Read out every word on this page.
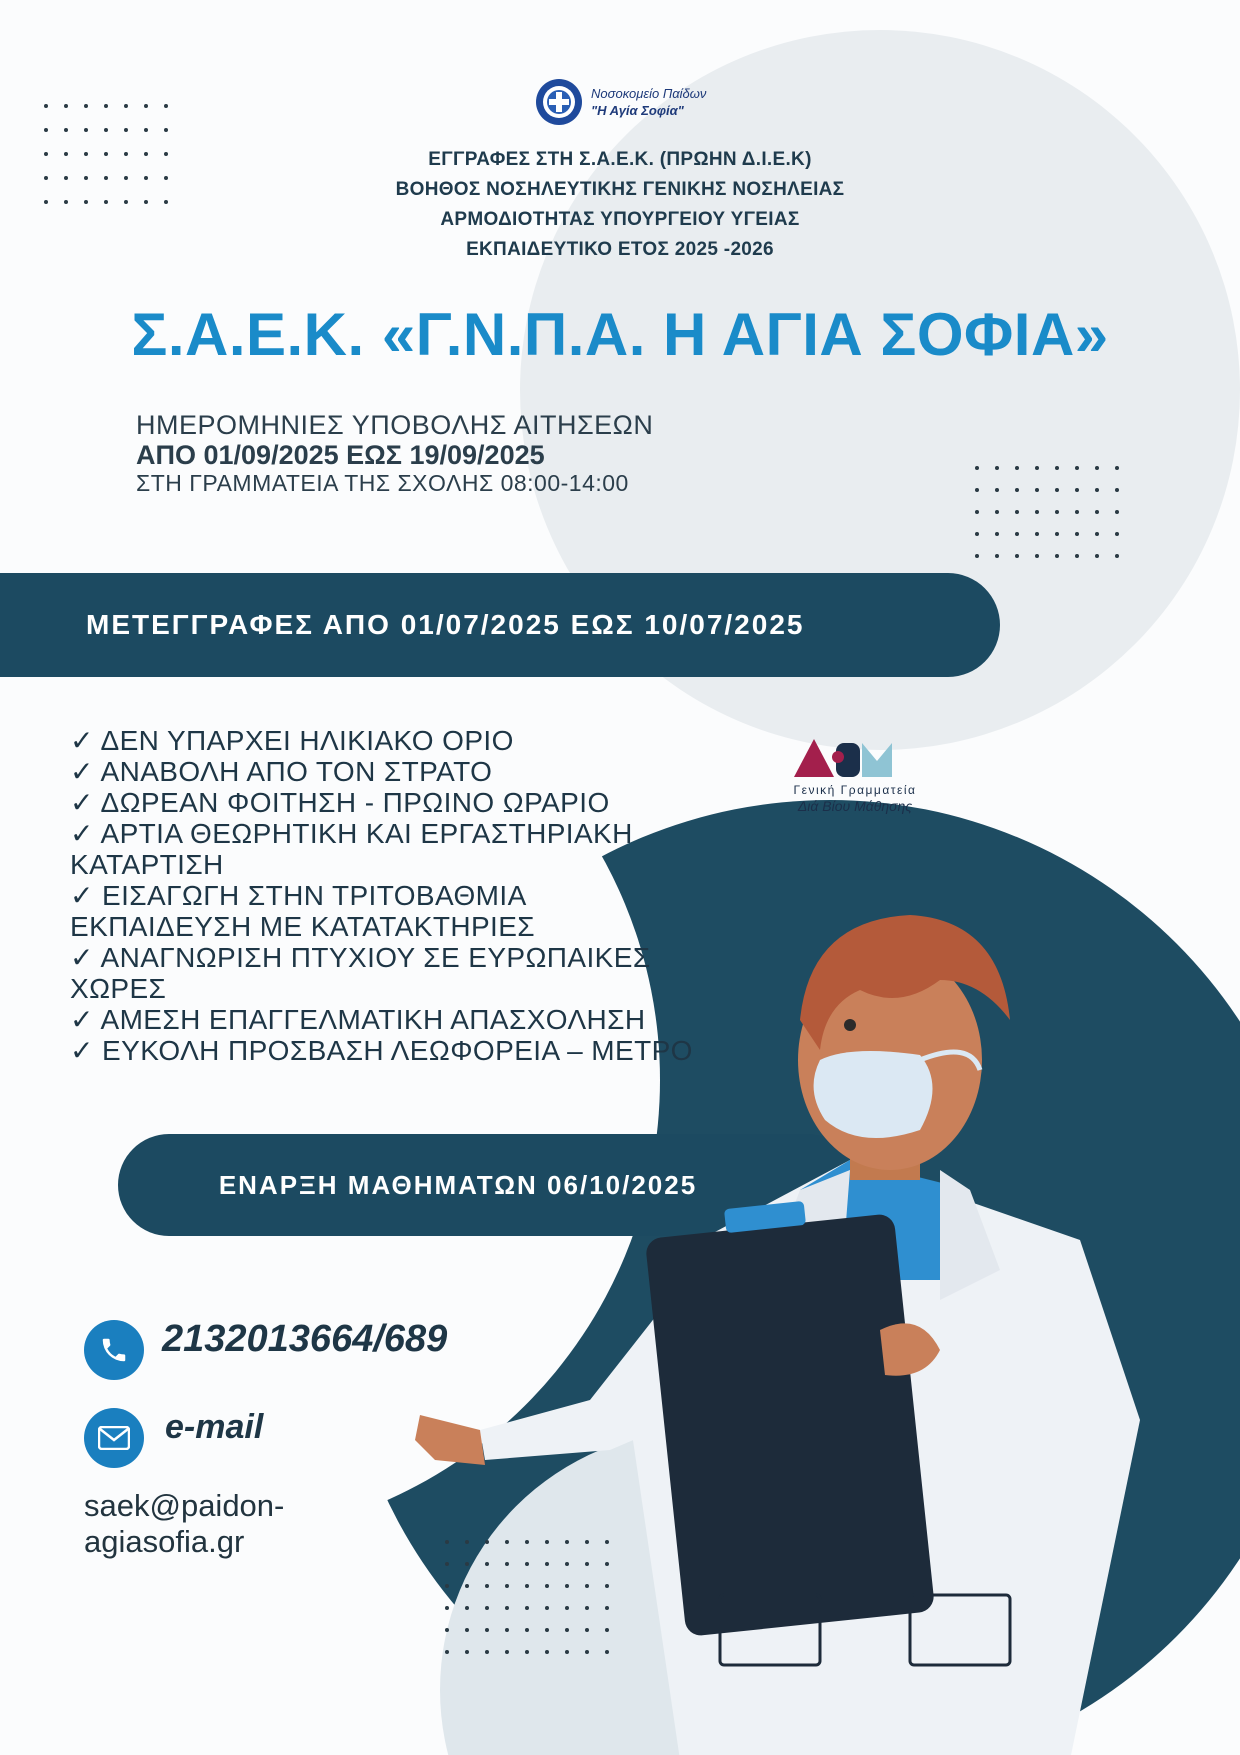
Νοσοκομείο Παίδων
"Η Αγία Σοφία"
ΕΓΓΡΑΦΕΣ ΣΤΗ Σ.Α.Ε.Κ. (ΠΡΩΗΝ Δ.Ι.Ε.Κ)
ΒΟΗΘΟΣ ΝΟΣΗΛΕΥΤΙΚΗΣ ΓΕΝΙΚΗΣ ΝΟΣΗΛΕΙΑΣ
ΑΡΜΟΔΙΟΤΗΤΑΣ ΥΠΟΥΡΓΕΙΟΥ ΥΓΕΙΑΣ
ΕΚΠΑΙΔΕΥΤΙΚΟ ΕΤΟΣ 2025 -2026
Σ.Α.Ε.Κ. «Γ.Ν.Π.Α. Η ΑΓΙΑ ΣΟΦΙΑ»
ΗΜΕΡΟΜΗΝΙΕΣ ΥΠΟΒΟΛΗΣ ΑΙΤΗΣΕΩΝ
ΑΠΟ 01/09/2025 ΕΩΣ 19/09/2025
ΣΤΗ ΓΡΑΜΜΑΤΕΙΑ ΤΗΣ ΣΧΟΛΗΣ 08:00-14:00
ΜΕΤΕΓΓΡΑΦΕΣ ΑΠΟ 01/07/2025 ΕΩΣ 10/07/2025
✓ ΔΕΝ ΥΠΑΡΧΕΙ ΗΛΙΚΙΑΚΟ ΟΡΙΟ
✓ ΑΝΑΒΟΛΗ ΑΠΟ ΤΟΝ ΣΤΡΑΤΟ
✓ ΔΩΡΕΑΝ ΦΟΙΤΗΣΗ - ΠΡΩΙΝΟ ΩΡΑΡΙΟ
✓ ΑΡΤΙΑ ΘΕΩΡΗΤΙΚΗ ΚΑΙ ΕΡΓΑΣΤΗΡΙΑΚΗ
ΚΑΤΑΡΤΙΣΗ
✓ ΕΙΣΑΓΩΓΗ ΣΤΗΝ ΤΡΙΤΟΒΑΘΜΙΑ
ΕΚΠΑΙΔΕΥΣΗ ΜΕ ΚΑΤΑΤΑΚΤΗΡΙΕΣ
✓ ΑΝΑΓΝΩΡΙΣΗ ΠΤΥΧΙΟΥ ΣΕ ΕΥΡΩΠΑΙΚΕΣ
ΧΩΡΕΣ
✓ ΑΜΕΣΗ ΕΠΑΓΓΕΛΜΑΤΙΚΗ ΑΠΑΣΧΟΛΗΣΗ
✓ ΕΥΚΟΛΗ ΠΡΟΣΒΑΣΗ ΛΕΩΦΟΡΕΙΑ – ΜΕΤΡΟ
Γενική Γραμματεία
Διά Βίου Μάθησης
ΕΝΑΡΞΗ ΜΑΘΗΜΑΤΩΝ 06/10/2025
2132013664/689
e-mail
saek@paidon-
agiasofia.gr
